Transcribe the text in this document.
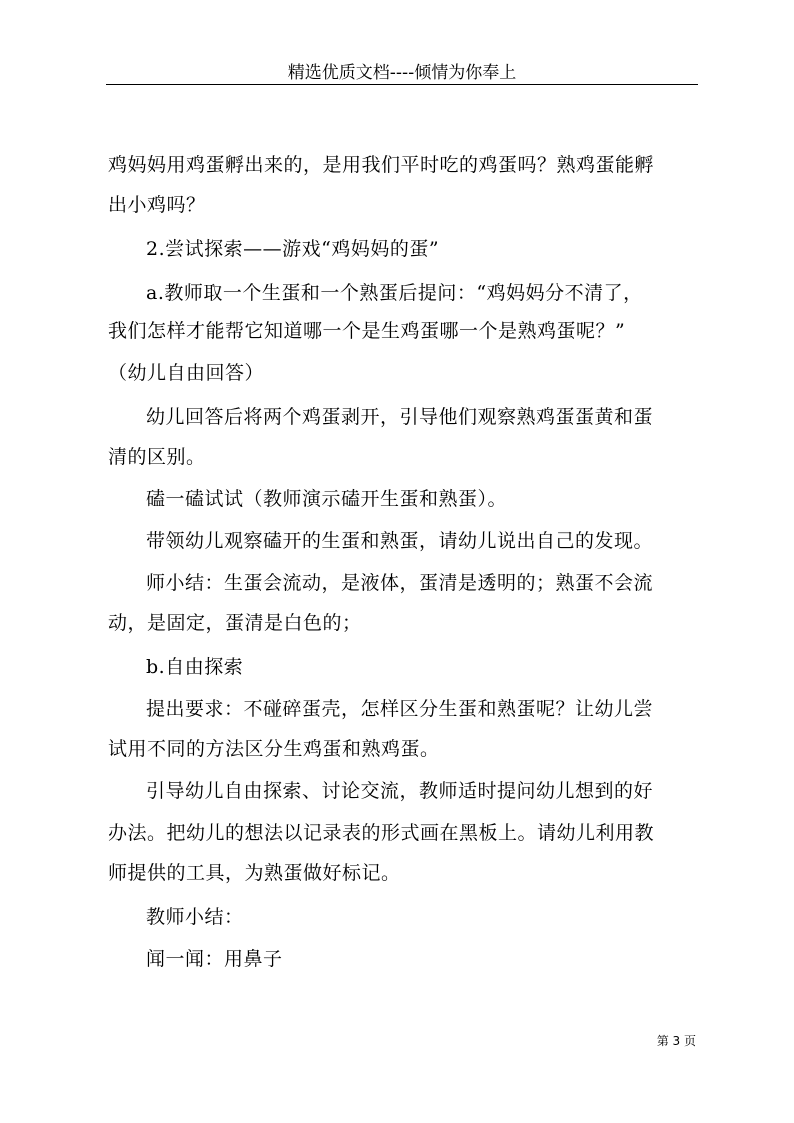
精选优质文档----倾情为你奉上
鸡妈妈用鸡蛋孵出来的，是用我们平时吃的鸡蛋吗？熟鸡蛋能孵
出小鸡吗？
2.尝试探索——游戏“鸡妈妈的蛋”
a.教师取一个生蛋和一个熟蛋后提问：“鸡妈妈分不清了，
我们怎样才能帮它知道哪一个是生鸡蛋哪一个是熟鸡蛋呢？”
（幼儿自由回答）
幼儿回答后将两个鸡蛋剥开，引导他们观察熟鸡蛋蛋黄和蛋
清的区别。
磕一磕试试（教师演示磕开生蛋和熟蛋）。
带领幼儿观察磕开的生蛋和熟蛋，请幼儿说出自己的发现。
师小结：生蛋会流动，是液体，蛋清是透明的；熟蛋不会流
动，是固定，蛋清是白色的；
b.自由探索
提出要求：不碰碎蛋壳，怎样区分生蛋和熟蛋呢？让幼儿尝
试用不同的方法区分生鸡蛋和熟鸡蛋。
引导幼儿自由探索、讨论交流，教师适时提问幼儿想到的好
办法。把幼儿的想法以记录表的形式画在黑板上。请幼儿利用教
师提供的工具，为熟蛋做好标记。
教师小结：
闻一闻：用鼻子
第 3 页
